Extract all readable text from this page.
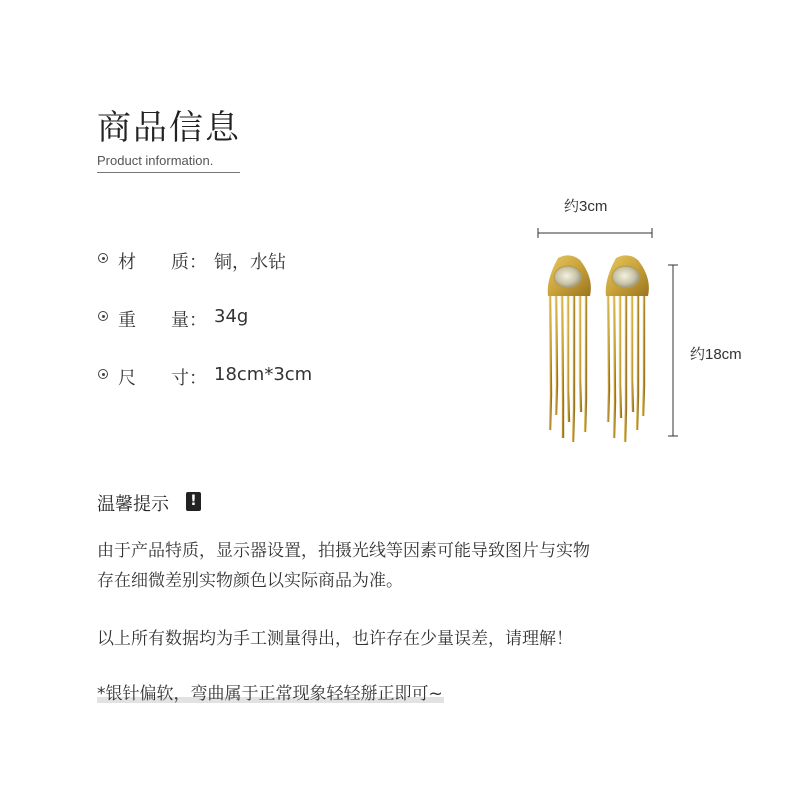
商品信息
Product information.
材 质： 铜，水钻
重 量： 34g
尺 寸： 18cm*3cm
约3cm
约18cm
温馨提示	!
由于产品特质，显示器设置，拍摄光线等因素可能导致图片与实物
存在细微差别实物颜色以实际商品为准。
以上所有数据均为手工测量得出，也许存在少量误差，请理解！
*银针偏软，弯曲属于正常现象轻轻掰正即可~
